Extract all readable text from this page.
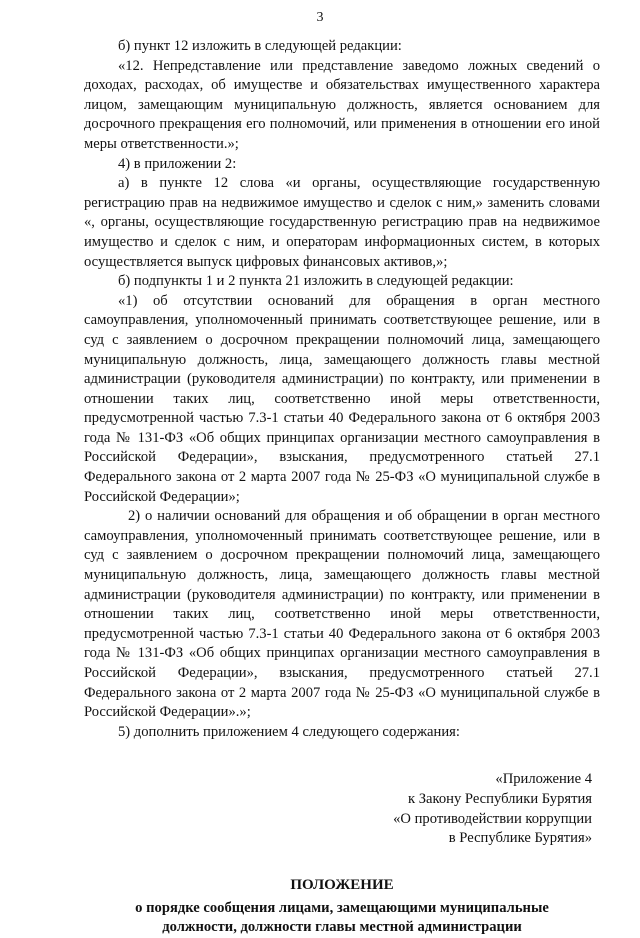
3

б) пункт 12 изложить в следующей редакции:

«12. Непредставление или представление заведомо ложных сведений о доходах, расходах, об имуществе и обязательствах имущественного характера лицом, замещающим муниципальную должность, является основанием для досрочного прекращения его полномочий, или применения в отношении его иной меры ответственности.»;

4) в приложении 2:

а) в пункте 12 слова «и органы, осуществляющие государственную регистрацию прав на недвижимое имущество и сделок с ним,» заменить словами «, органы, осуществляющие государственную регистрацию прав на недвижимое имущество и сделок с ним, и операторам информационных систем, в которых осуществляется выпуск цифровых финансовых активов,»;

б) подпункты 1 и 2 пункта 21 изложить в следующей редакции:

«1) об отсутствии оснований для обращения в орган местного самоуправления, уполномоченный принимать соответствующее решение, или в суд с заявлением о досрочном прекращении полномочий лица, замещающего муниципальную должность, лица, замещающего должность главы местной администрации (руководителя администрации) по контракту, или применении в отношении таких лиц, соответственно иной меры ответственности, предусмотренной частью 7.3-1 статьи 40 Федерального закона от 6 октября 2003 года № 131-ФЗ «Об общих принципах организации местного самоуправления в Российской Федерации», взыскания, предусмотренного статьей 27.1 Федерального закона от 2 марта 2007 года № 25-ФЗ «О муниципальной службе в Российской Федерации»;

2) о наличии оснований для обращения и об обращении в орган местного самоуправления, уполномоченный принимать соответствующее решение, или в суд с заявлением о досрочном прекращении полномочий лица, замещающего муниципальную должность, лица, замещающего должность главы местной администрации (руководителя администрации) по контракту, или применении в отношении таких лиц, соответственно иной меры ответственности, предусмотренной частью 7.3-1 статьи 40 Федерального закона от 6 октября 2003 года № 131-ФЗ «Об общих принципах организации местного самоуправления в Российской Федерации», взыскания, предусмотренного статьей 27.1 Федерального закона от 2 марта 2007 года № 25-ФЗ «О муниципальной службе в Российской Федерации».»;

5) дополнить приложением 4 следующего содержания:

«Приложение 4
к Закону Республики Бурятия
«О противодействии коррупции
в Республике Бурятия»
ПОЛОЖЕНИЕ
о порядке сообщения лицами, замещающими муниципальные должности, должности главы местной администрации
